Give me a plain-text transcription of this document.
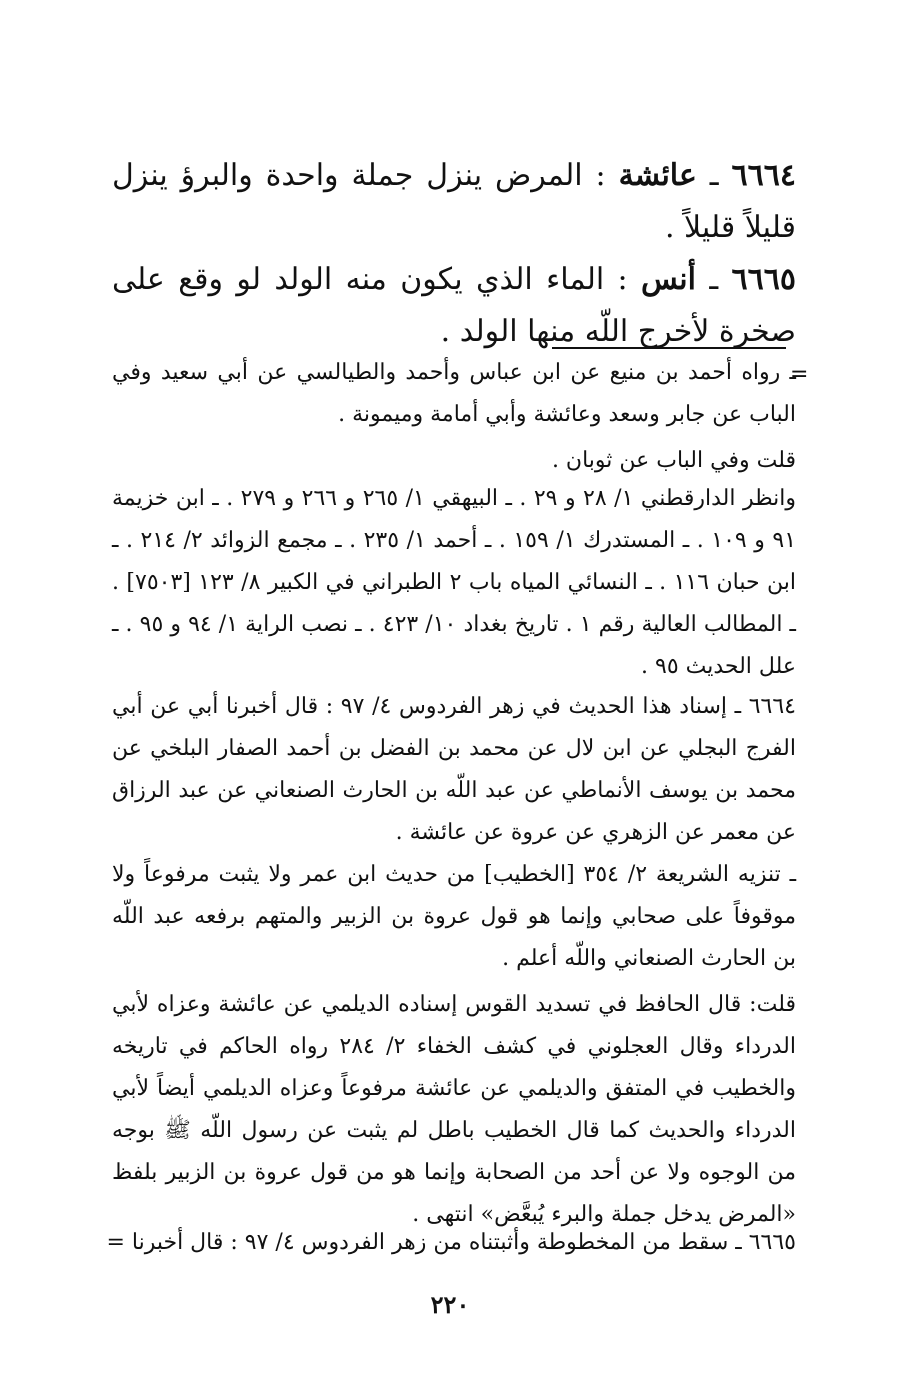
٦٦٦٤ ـ عائشة : المرض ينزل جملة واحدة والبرؤ ينزل قليلاً قليلاً .

٦٦٦٥ ـ أنس : الماء الذي يكون منه الولد لو وقع على صخرة لأخرج اللّه منها الولد .

=

ـ رواه أحمد بن منيع عن ابن عباس وأحمد والطيالسي عن أبي سعيد وفي الباب عن جابر وسعد وعائشة وأبي أمامة وميمونة .

قلت وفي الباب عن ثوبان .

وانظر الدارقطني ١/ ٢٨ و ٢٩ . ـ البيهقي ١/ ٢٦٥ و ٢٦٦ و ٢٧٩ . ـ ابن خزيمة ٩١ و ١٠٩ . ـ المستدرك ١/ ١٥٩ . ـ أحمد ١/ ٢٣٥ . ـ مجمع الزوائد ٢/ ٢١٤ . ـ ابن حبان ١١٦ . ـ النسائي المياه باب ٢ الطبراني في الكبير ٨/ ١٢٣ [٧٥٠٣] . ـ المطالب العالية رقم ١ . تاريخ بغداد ١٠/ ٤٢٣ . ـ نصب الراية ١/ ٩٤ و ٩٥ . ـ علل الحديث ٩٥ .

٦٦٦٤ ـ إسناد هذا الحديث في زهر الفردوس ٤/ ٩٧ : قال أخبرنا أبي عن أبي الفرج البجلي عن ابن لال عن محمد بن الفضل بن أحمد الصفار البلخي عن محمد بن يوسف الأنماطي عن عبد اللّه بن الحارث الصنعاني عن عبد الرزاق عن معمر عن الزهري عن عروة عن عائشة .

ـ تنزيه الشريعة ٢/ ٣٥٤ [الخطيب] من حديث ابن عمر ولا يثبت مرفوعاً ولا موقوفاً على صحابي وإنما هو قول عروة بن الزبير والمتهم برفعه عبد اللّه بن الحارث الصنعاني واللّه أعلم .

قلت: قال الحافظ في تسديد القوس إسناده الديلمي عن عائشة وعزاه لأبي الدرداء وقال العجلوني في كشف الخفاء ٢/ ٢٨٤ رواه الحاكم في تاريخه والخطيب في المتفق والديلمي عن عائشة مرفوعاً وعزاه الديلمي أيضاً لأبي الدرداء والحديث كما قال الخطيب باطل لم يثبت عن رسول اللّه ﷺ بوجه من الوجوه ولا عن أحد من الصحابة وإنما هو من قول عروة بن الزبير بلفظ «المرض يدخل جملة والبرء يُبعَّض» انتهى .

٦٦٦٥ ـ سقط من المخطوطة وأثبتناه من زهر الفردوس ٤/ ٩٧ : قال أخبرنا =

٢٢٠
